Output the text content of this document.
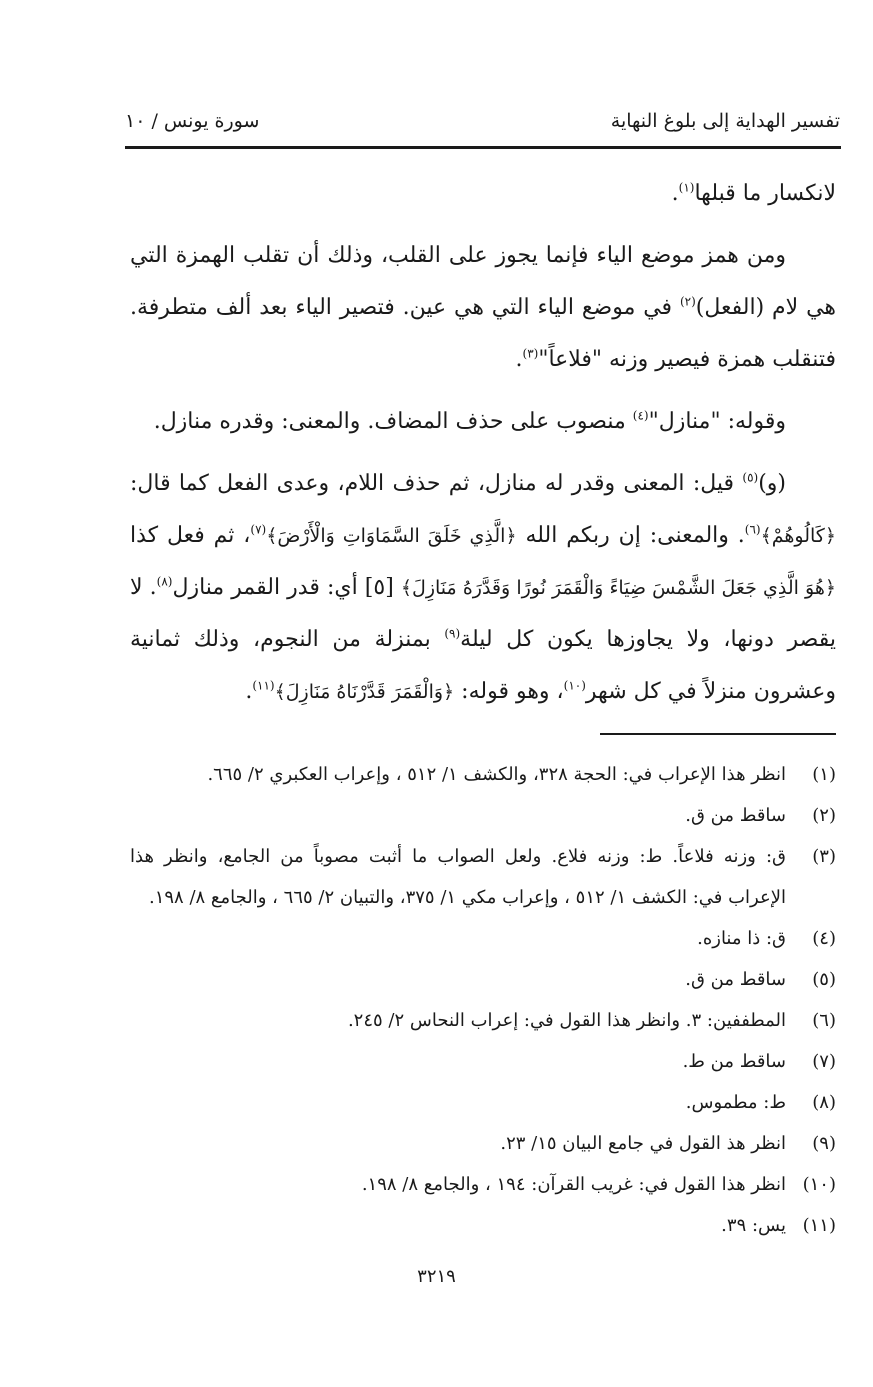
تفسير الهداية إلى بلوغ النهاية
سورة يونس / ١٠

لانكسار ما قبلها$^{(١)}$.

ومن همز موضع الياء فإنما يجوز على القلب، وذلك أن تقلب الهمزة التي هي لام (الفعل)$^{(٢)}$ في موضع الياء التي هي عين. فتصير الياء بعد ألف متطرفة. فتنقلب همزة فيصير وزنه "فلاعاً"$^{(٣)}$.

وقوله: "منازل"$^{(٤)}$ منصوب على حذف المضاف. والمعنى: وقدره منازل.

(و)$^{(٥)}$ قيل: المعنى وقدر له منازل، ثم حذف اللام، وعدى الفعل كما قال: ﴿كَالُوهُمْ﴾$^{(٦)}$. والمعنى: إن ربكم الله ﴿الَّذِي خَلَقَ السَّمَاوَاتِ وَالْأَرْضَ﴾$^{(٧)}$، ثم فعل كذا ﴿هُوَ الَّذِي جَعَلَ الشَّمْسَ ضِيَاءً وَالْقَمَرَ نُورًا وَقَدَّرَهُ مَنَازِلَ﴾ [٥] أي: قدر القمر منازل$^{(٨)}$. لا يقصر دونها، ولا يجاوزها يكون كل ليلة$^{(٩)}$ بمنزلة من النجوم، وذلك ثمانية وعشرون منزلاً في كل شهر$^{(١٠)}$، وهو قوله: ﴿وَالْقَمَرَ قَدَّرْنَاهُ مَنَازِلَ﴾$^{(١١)}$.

(١)
انظر هذا الإعراب في: الحجة ٣٢٨، والكشف ١/ ٥١٢ ، وإعراب العكبري ٢/ ٦٦٥.
(٢)
ساقط من ق.
(٣)
ق: وزنه فلاعاً. ط: وزنه فلاع. ولعل الصواب ما أثبت مصوباً من الجامع، وانظر هذا الإعراب في: الكشف ١/ ٥١٢ ، وإعراب مكي ١/ ٣٧٥، والتبيان ٢/ ٦٦٥ ، والجامع ٨/ ١٩٨.
(٤)
ق: ذا منازه.
(٥)
ساقط من ق.
(٦)
المطففين: ٣. وانظر هذا القول في: إعراب النحاس ٢/ ٢٤٥.
(٧)
ساقط من ط.
(٨)
ط: مطموس.
(٩)
انظر هذ القول في جامع البيان ١٥/ ٢٣.
(١٠)
انظر هذا القول في: غريب القرآن: ١٩٤ ، والجامع ٨/ ١٩٨.
(١١)
يس: ٣٩.
٣٢١٩
